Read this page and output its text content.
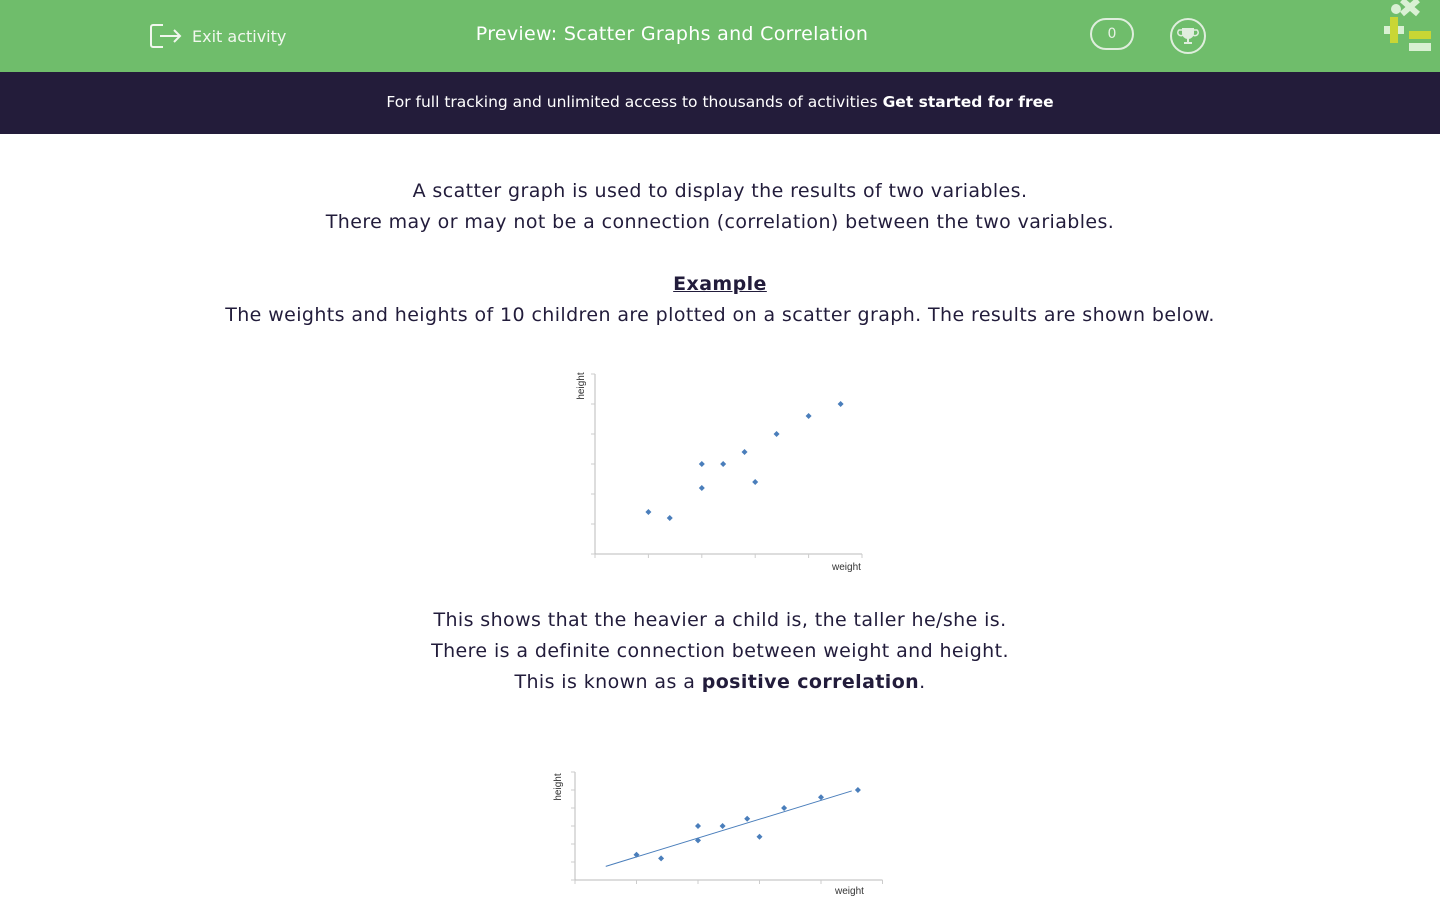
Exit activity	Preview: Scatter Graphs and Correlation	0
For full tracking and unlimited access to thousands of activities Get started for free
A scatter graph is used to display the results of two variables.
There may or may not be a connection (correlation) between the two variables.
Example
The weights and heights of 10 children are plotted on a scatter graph. The results are shown below.
This shows that the heavier a child is, the taller he/she is.
There is a definite connection between weight and height.
This is known as a positive correlation.
weight
height
weight
height
